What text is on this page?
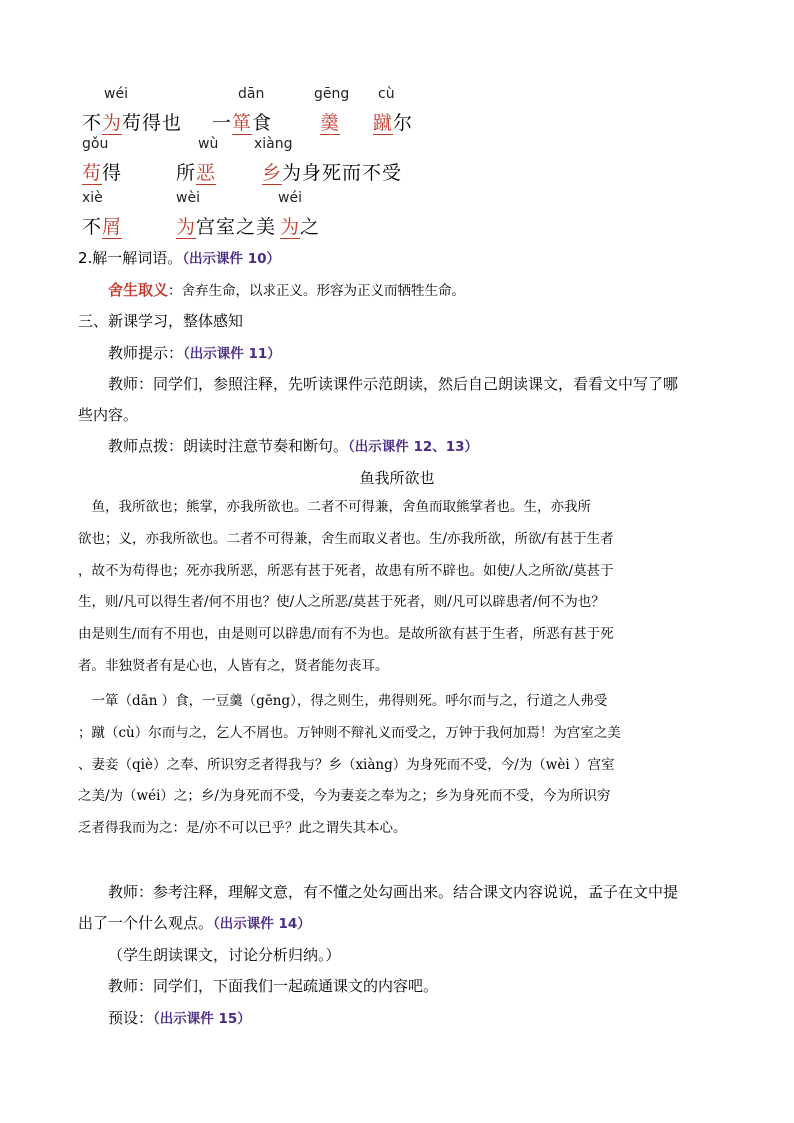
wéi
不为苟得也
dān
一箪食
gēng
羹
cù
蹴尔
gǒu
苟得
wù
所恶
xiàng
乡为身死而不受
xiè
不屑
wèi
为宫室之美
wéi
为之
2.解一解词语。（出示课件 10）
舍生取义：舍弃生命，以求正义。形容为正义而牺牲生命。
三、新课学习，整体感知
教师提示：（出示课件 11）
教师：同学们，参照注释，先听读课件示范朗读，然后自己朗读课文，看看文中写了哪
些内容。
教师点拨：朗读时注意节奏和断句。（出示课件 12、13）
鱼我所欲也

　鱼，我所欲也；熊掌，亦我所欲也。二者不可得兼，舍鱼而取熊掌者也。生，亦我所

欲也；义，亦我所欲也。二者不可得兼，舍生而取义者也。生/亦我所欲，所欲/有甚于生者

，故不为苟得也；死亦我所恶，所恶有甚于死者，故患有所不辟也。如使/人之所欲/莫甚于

生，则/凡可以得生者/何不用也？使/人之所恶/莫甚于死者，则/凡可以辟患者/何不为也？

由是则生/而有不用也，由是则可以辟患/而有不为也。是故所欲有甚于生者，所恶有甚于死

者。非独贤者有是心也，人皆有之，贤者能勿丧耳。

　一箪（dān ）食，一豆羹（gēng），得之则生，弗得则死。呼尔而与之，行道之人弗受

；蹴（cù）尔而与之，乞人不屑也。万钟则不辩礼义而受之，万钟于我何加焉！为宫室之美

、妻妾（qiè）之奉、所识穷乏者得我与？乡（xiàng）为身死而不受，今/为（wèi ）宫室

之美/为（wéi）之；乡/为身死而不受，今为妻妾之奉为之；乡为身死而不受，今为所识穷

乏者得我而为之：是/亦不可以已乎？此之谓失其本心。

教师：参考注释，理解文意，有不懂之处勾画出来。结合课文内容说说，孟子在文中提
出了一个什么观点。（出示课件 14）
（学生朗读课文，讨论分析归纳。）
教师：同学们，下面我们一起疏通课文的内容吧。
预设：（出示课件 15）
